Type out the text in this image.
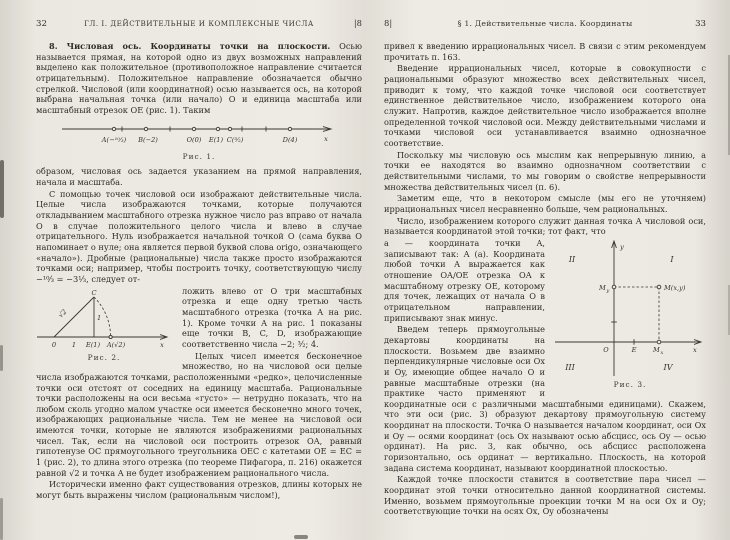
32	ГЛ. I. ДЕЙСТВИТЕЛЬНЫЕ И КОМПЛЕКСНЫЕ ЧИСЛА	|8

8. Числовая ось. Координаты точки на плоскости. Осью называется прямая, на которой одно из двух возможных направлений выделено как положительное (противоположное направление считается отрицательным). Положительное направление обозначается обычно стрелкой. Числовой (или координатной) осью называется ось, на которой выбрана начальная точка (или начало) O и единица масштаба или масштабный отрезок OE (рис. 1). Таким

A(−¹⁰⁄₃) B(−2)	O(0) E(1) C(³⁄₂)	D(4)	x
Рис. 1.

образом, числовая ось задается указанием на прямой направления, начала и масштаба.

С помощью точек числовой оси изображают действительные числа. Целые числа изображаются точками, которые получаются откладыванием масштабного отрезка нужное число раз вправо от начала O в случае положительного целого числа и влево в случае отрицательного. Нуль изображается начальной точкой O (сама буква O напоминает о нуле; она является первой буквой слова origo, означающего «начало»). Дробные (рациональные) числа также просто изображаются точками оси; например, чтобы построить точку, соответствующую числу −¹⁰⁄₃ = −3¹⁄₃, следует от-

C
√2	1
0 1 E(1) A(√2)	x
Рис. 2.

ложить влево от O три масштабных отрезка и еще одну третью часть масштабного отрезка (точка A на рис. 1). Кроме точки A на рис. 1 показаны еще точки B, C, D, изображающие соответственно числа −2; ³⁄₂; 4.

Целых чисел имеется бесконечное множество, но на числовой оси целые числа изображаются точками, расположенными «редко», целочисленные точки оси отстоят от соседних на единицу масштаба. Рациональные точки расположены на оси весьма «густо» — нетрудно показать, что на любом сколь угодно малом участке оси имеется бесконечно много точек, изображающих рациональные числа. Тем не менее на числовой оси имеются точки, которые не являются изображениями рациональных чисел. Так, если на числовой оси построить отрезок OA, равный гипотенузе OC прямоугольного треугольника OEC с катетами OE = EC = 1 (рис. 2), то длина этого отрезка (по теореме Пифагора, п. 216) окажется равной √2 и точка A не будет изображением рационального числа.

Исторически именно факт существования отрезков, длины которых не могут быть выражены числом (рациональным числом!),

8|	§ 1. Действительные числа. Координаты	33

привел к введению иррациональных чисел. В связи с этим рекомендуем прочитать п. 163.

Введение иррациональных чисел, которые в совокупности с рациональными образуют множество всех действительных чисел, приводит к тому, что каждой точке числовой оси соответствует единственное действительное число, изображением которого она служит. Напротив, каждое действительное число изображается вполне определенной точкой числовой оси. Между действительными числами и точками числовой оси устанавливается взаимно однозначное соответствие.

Поскольку мы числовую ось мыслим как непрерывную линию, а точки ее находятся во взаимно однозначном соответствии с действительными числами, то мы говорим о свойстве непрерывности множества действительных чисел (п. 6).

Заметим еще, что в некотором смысле (мы его не уточняем) иррациональных чисел несравненно больше, чем рациональных.

Число, изображением которого служит данная точка A числовой оси, называется координатой этой точки; тот факт, что

II	I
III	IV
y
x
O	E
M(x,y)
M y
M x
Рис. 3.

a — координата точки A, записывают так: A (a). Координата любой точки A выражается как отношение OA/OE отрезка OA к масштабному отрезку OE, которому для точек, лежащих от начала O в отрицательном направлении, приписывают знак минус.

Введем теперь прямоугольные декартовы координаты на плоскости. Возьмем две взаимно перпендикулярные числовые оси Ox и Oy, имеющие общее начало O и равные масштабные отрезки (на практике часто применяют и координатные оси с различными масштабными единицами). Скажем, что эти оси (рис. 3) образуют декартову прямоугольную систему координат на плоскости. Точка O называется началом координат, оси Ox и Oy — осями координат (ось Ox называют осью абсцисс, ось Oy — осью ординат). На рис. 3, как обычно, ось абсцисс расположена горизонтально, ось ординат — вертикально. Плоскость, на которой задана система координат, называют координатной плоскостью.

Каждой точке плоскости ставится в соответствие пара чисел — координат этой точки относительно данной координатной системы. Именно, возьмем прямоугольные проекции точки M на оси Ox и Oy; соответствующие точки на осях Ox, Oy обозначены
